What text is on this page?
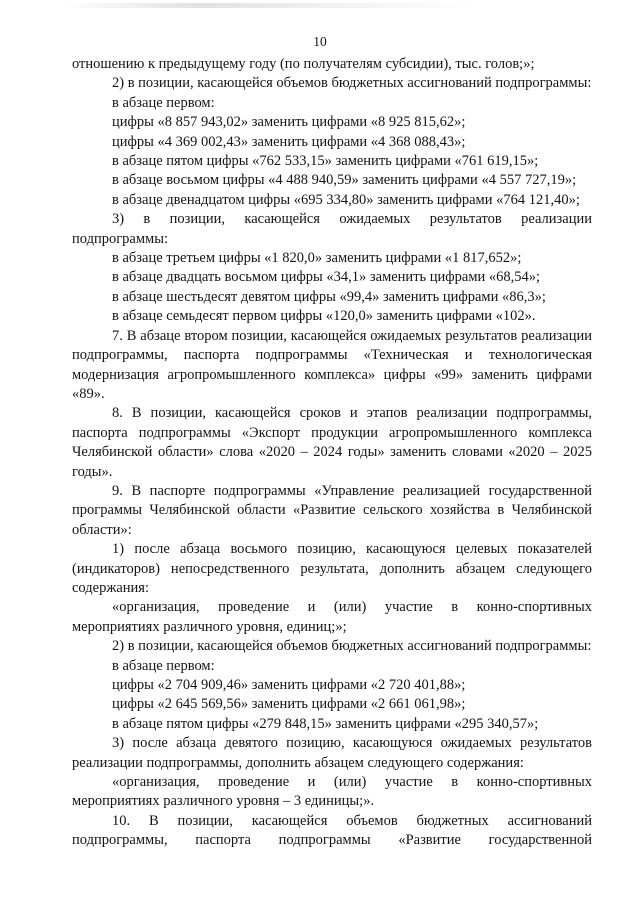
10

отношению к предыдущему году (по получателям субсидии), тыс. голов;»;

2) в позиции, касающейся объемов бюджетных ассигнований подпрограммы:

в абзаце первом:

цифры «8 857 943,02» заменить цифрами «8 925 815,62»;

цифры «4 369 002,43» заменить цифрами «4 368 088,43»;

в абзаце пятом цифры «762 533,15» заменить цифрами «761 619,15»;

в абзаце восьмом цифры «4 488 940,59» заменить цифрами «4 557 727,19»;

в абзаце двенадцатом цифры «695 334,80» заменить цифрами «764 121,40»;

3) в позиции, касающейся ожидаемых результатов реализации подпрограммы:

в абзаце третьем цифры «1 820,0» заменить цифрами «1 817,652»;

в абзаце двадцать восьмом цифры «34,1» заменить цифрами «68,54»;

в абзаце шестьдесят девятом цифры «99,4» заменить цифрами «86,3»;

в абзаце семьдесят первом цифры «120,0» заменить цифрами «102».

7. В абзаце втором позиции, касающейся ожидаемых результатов реализации подпрограммы, паспорта подпрограммы «Техническая и технологическая модернизация агропромышленного комплекса» цифры «99» заменить цифрами «89».

8. В позиции, касающейся сроков и этапов реализации подпрограммы, паспорта подпрограммы «Экспорт продукции агропромышленного комплекса Челябинской области» слова «2020 – 2024 годы» заменить словами «2020 – 2025 годы».

9. В паспорте подпрограммы «Управление реализацией государственной программы Челябинской области «Развитие сельского хозяйства в Челябинской области»:

1) после абзаца восьмого позицию, касающуюся целевых показателей (индикаторов) непосредственного результата, дополнить абзацем следующего содержания:

«организация, проведение и (или) участие в конно-спортивных мероприятиях различного уровня, единиц;»;

2) в позиции, касающейся объемов бюджетных ассигнований подпрограммы:

в абзаце первом:

цифры «2 704 909,46» заменить цифрами «2 720 401,88»;

цифры «2 645 569,56» заменить цифрами «2 661 061,98»;

в абзаце пятом цифры «279 848,15» заменить цифрами «295 340,57»;

3) после абзаца девятого позицию, касающуюся ожидаемых результатов реализации подпрограммы, дополнить абзацем следующего содержания:

«организация, проведение и (или) участие в конно-спортивных мероприятиях различного уровня – 3 единицы;».

10. В позиции, касающейся объемов бюджетных ассигнований подпрограммы, паспорта подпрограммы «Развитие государственной
